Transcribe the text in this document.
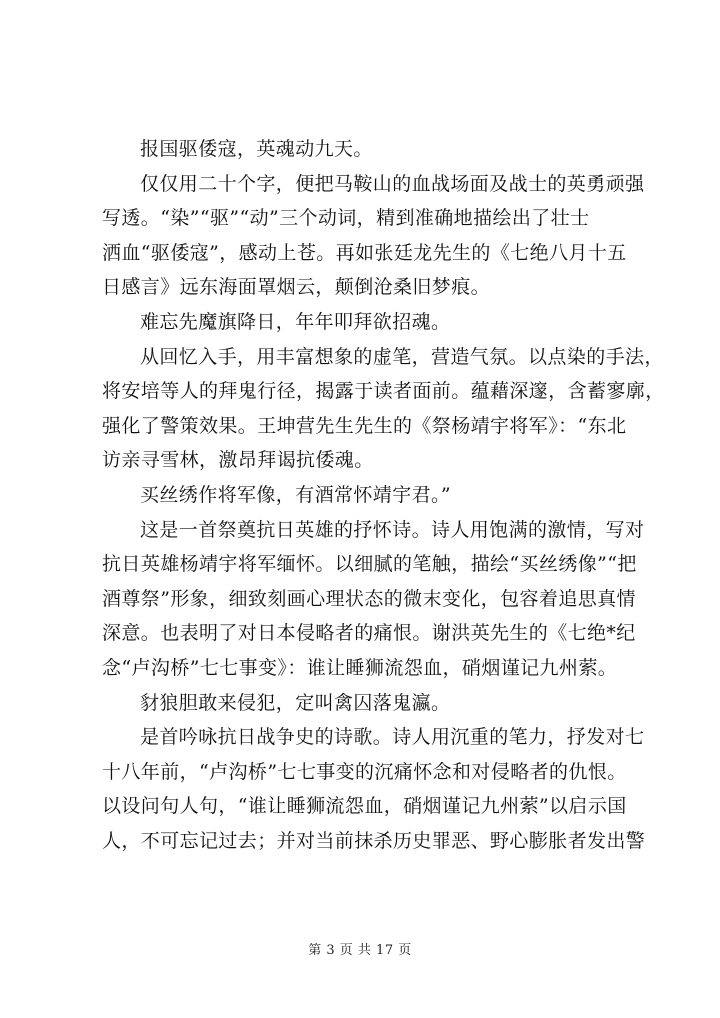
报国驱倭寇，英魂动九天。

仅仅用二十个字，便把马鞍山的血战场面及战士的英勇顽强
写透。“染”“驱”“动”三个动词，精到准确地描绘出了壮士
洒血“驱倭寇”，感动上苍。再如张廷龙先生的《七绝八月十五
日感言》远东海面罩烟云，颠倒沧桑旧梦痕。

难忘先魔旗降日，年年叩拜欲招魂。

从回忆入手，用丰富想象的虚笔，营造气氛。以点染的手法，
将安培等人的拜鬼行径，揭露于读者面前。蕴藉深邃，含蓄寥廓，
强化了警策效果。王坤营先生先生的《祭杨靖宇将军》：“东北
访亲寻雪林，激昂拜谒抗倭魂。

买丝绣作将军像，有酒常怀靖宇君。”

这是一首祭奠抗日英雄的抒怀诗。诗人用饱满的激情，写对
抗日英雄杨靖宇将军缅怀。以细腻的笔触，描绘“买丝绣像”“把
酒尊祭”形象，细致刻画心理状态的微末变化，包容着追思真情
深意。也表明了对日本侵略者的痛恨。谢洪英先生的《七绝*纪
念“卢沟桥”七七事变》：谁让睡狮流怨血，硝烟谨记九州萦。

豺狼胆敢来侵犯，定叫禽囚落鬼瀛。

是首吟咏抗日战争史的诗歌。诗人用沉重的笔力，抒发对七
十八年前，“卢沟桥”七七事变的沉痛怀念和对侵略者的仇恨。
以设问句人句，“谁让睡狮流怨血，硝烟谨记九州萦”以启示国
人，不可忘记过去；并对当前抹杀历史罪恶、野心膨胀者发出警

第 3 页 共 17 页
